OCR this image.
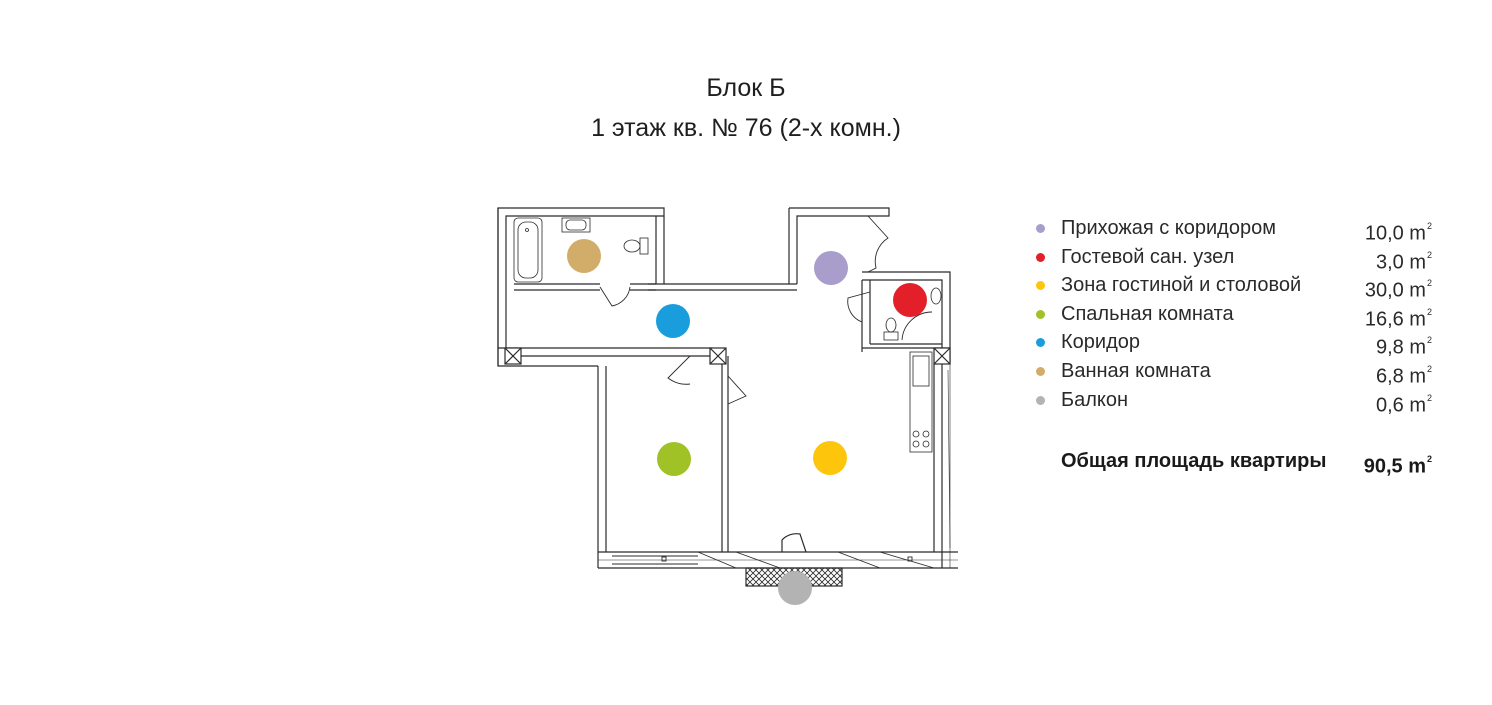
Блок Б
1 этаж кв. № 76 (2-х комн.)
Прихожая с коридором	10,0 $m^2$
Гостевой сан. узел	3,0 $m^2$
Зона гостиной и столовой	30,0 $m^2$
Спальная комната	16,6 $m^2$
Коридор	9,8 $m^2$
Ванная комната	6,8 $m^2$
Балкон	0,6 $m^2$
Общая площадь квартиры 90,5 $m^2$
